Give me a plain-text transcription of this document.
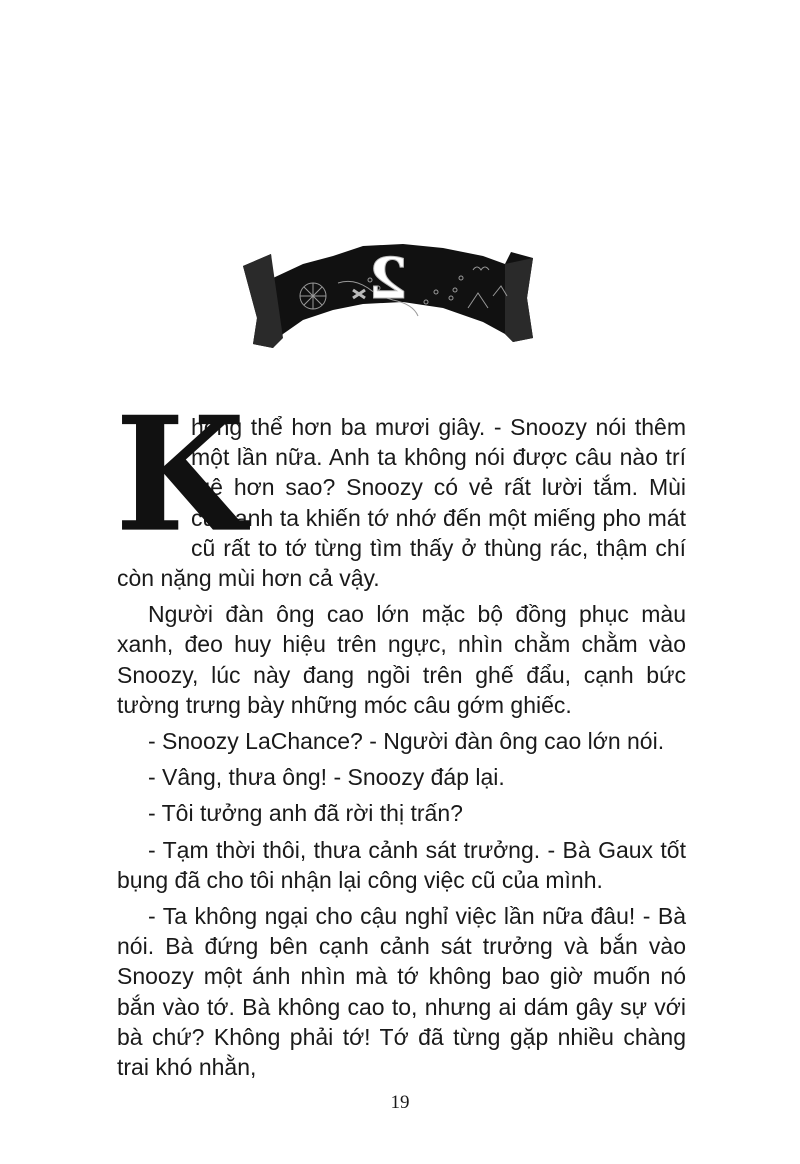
2

K
hông thể hơn ba mươi giây. - Snoozy nói thêm một lần nữa. Anh ta không nói được câu nào trí tuệ hơn sao? Snoozy có vẻ rất lười tắm. Mùi của anh ta khiến tớ nhớ đến một miếng pho mát cũ rất to tớ từng tìm thấy ở thùng rác, thậm chí còn nặng mùi hơn cả vậy.

Người đàn ông cao lớn mặc bộ đồng phục màu xanh, đeo huy hiệu trên ngực, nhìn chằm chằm vào Snoozy, lúc này đang ngồi trên ghế đẩu, cạnh bức tường trưng bày những móc câu gớm ghiếc.

- Snoozy LaChance? - Người đàn ông cao lớn nói.

- Vâng, thưa ông! - Snoozy đáp lại.

- Tôi tưởng anh đã rời thị trấn?

- Tạm thời thôi, thưa cảnh sát trưởng. - Bà Gaux tốt bụng đã cho tôi nhận lại công việc cũ của mình.

- Ta không ngại cho cậu nghỉ việc lần nữa đâu! - Bà nói. Bà đứng bên cạnh cảnh sát trưởng và bắn vào Snoozy một ánh nhìn mà tớ không bao giờ muốn nó bắn vào tớ. Bà không cao to, nhưng ai dám gây sự với bà chứ? Không phải tớ! Tớ đã từng gặp nhiều chàng trai khó nhằn,

19
